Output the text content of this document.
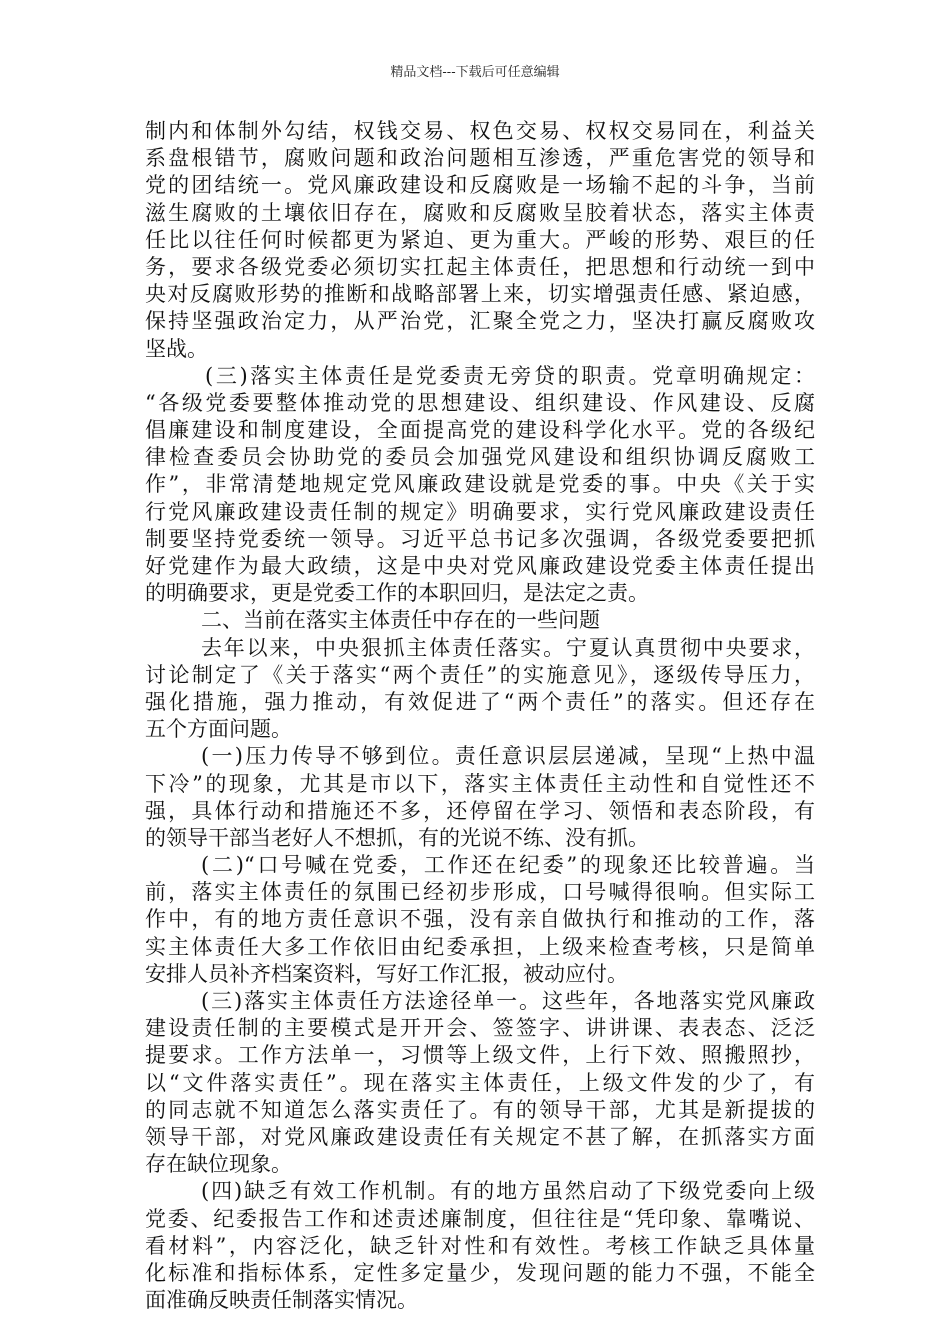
精品文档---下载后可任意编辑
制内和体制外勾结，权钱交易、权色交易、权权交易同在，利益关
系盘根错节，腐败问题和政治问题相互渗透，严重危害党的领导和
党的团结统一。党风廉政建设和反腐败是一场输不起的斗争，当前
滋生腐败的土壤依旧存在，腐败和反腐败呈胶着状态，落实主体责
任比以往任何时候都更为紧迫、更为重大。严峻的形势、艰巨的任
务，要求各级党委必须切实扛起主体责任，把思想和行动统一到中
央对反腐败形势的推断和战略部署上来，切实增强责任感、紧迫感，
保持坚强政治定力，从严治党，汇聚全党之力，坚决打赢反腐败攻
坚战。
(三)落实主体责任是党委责无旁贷的职责。党章明确规定：
“各级党委要整体推动党的思想建设、组织建设、作风建设、反腐
倡廉建设和制度建设，全面提高党的建设科学化水平。党的各级纪
律检查委员会协助党的委员会加强党风建设和组织协调反腐败工
作”，非常清楚地规定党风廉政建设就是党委的事。中央《关于实
行党风廉政建设责任制的规定》明确要求，实行党风廉政建设责任
制要坚持党委统一领导。习近平总书记多次强调，各级党委要把抓
好党建作为最大政绩，这是中央对党风廉政建设党委主体责任提出
的明确要求，更是党委工作的本职回归，是法定之责。
二、当前在落实主体责任中存在的一些问题
去年以来，中央狠抓主体责任落实。宁夏认真贯彻中央要求，
讨论制定了《关于落实“两个责任”的实施意见》，逐级传导压力，
强化措施，强力推动，有效促进了“两个责任”的落实。但还存在
五个方面问题。
(一)压力传导不够到位。责任意识层层递减，呈现“上热中温
下冷”的现象，尤其是市以下，落实主体责任主动性和自觉性还不
强，具体行动和措施还不多，还停留在学习、领悟和表态阶段，有
的领导干部当老好人不想抓，有的光说不练、没有抓。
(二)“口号喊在党委，工作还在纪委”的现象还比较普遍。当
前，落实主体责任的氛围已经初步形成，口号喊得很响。但实际工
作中，有的地方责任意识不强，没有亲自做执行和推动的工作，落
实主体责任大多工作依旧由纪委承担，上级来检查考核，只是简单
安排人员补齐档案资料，写好工作汇报，被动应付。
(三)落实主体责任方法途径单一。这些年，各地落实党风廉政
建设责任制的主要模式是开开会、签签字、讲讲课、表表态、泛泛
提要求。工作方法单一，习惯等上级文件，上行下效、照搬照抄，
以“文件落实责任”。现在落实主体责任，上级文件发的少了，有
的同志就不知道怎么落实责任了。有的领导干部，尤其是新提拔的
领导干部，对党风廉政建设责任有关规定不甚了解，在抓落实方面
存在缺位现象。
(四)缺乏有效工作机制。有的地方虽然启动了下级党委向上级
党委、纪委报告工作和述责述廉制度，但往往是“凭印象、靠嘴说、
看材料”，内容泛化，缺乏针对性和有效性。考核工作缺乏具体量
化标准和指标体系，定性多定量少，发现问题的能力不强，不能全
面准确反映责任制落实情况。
